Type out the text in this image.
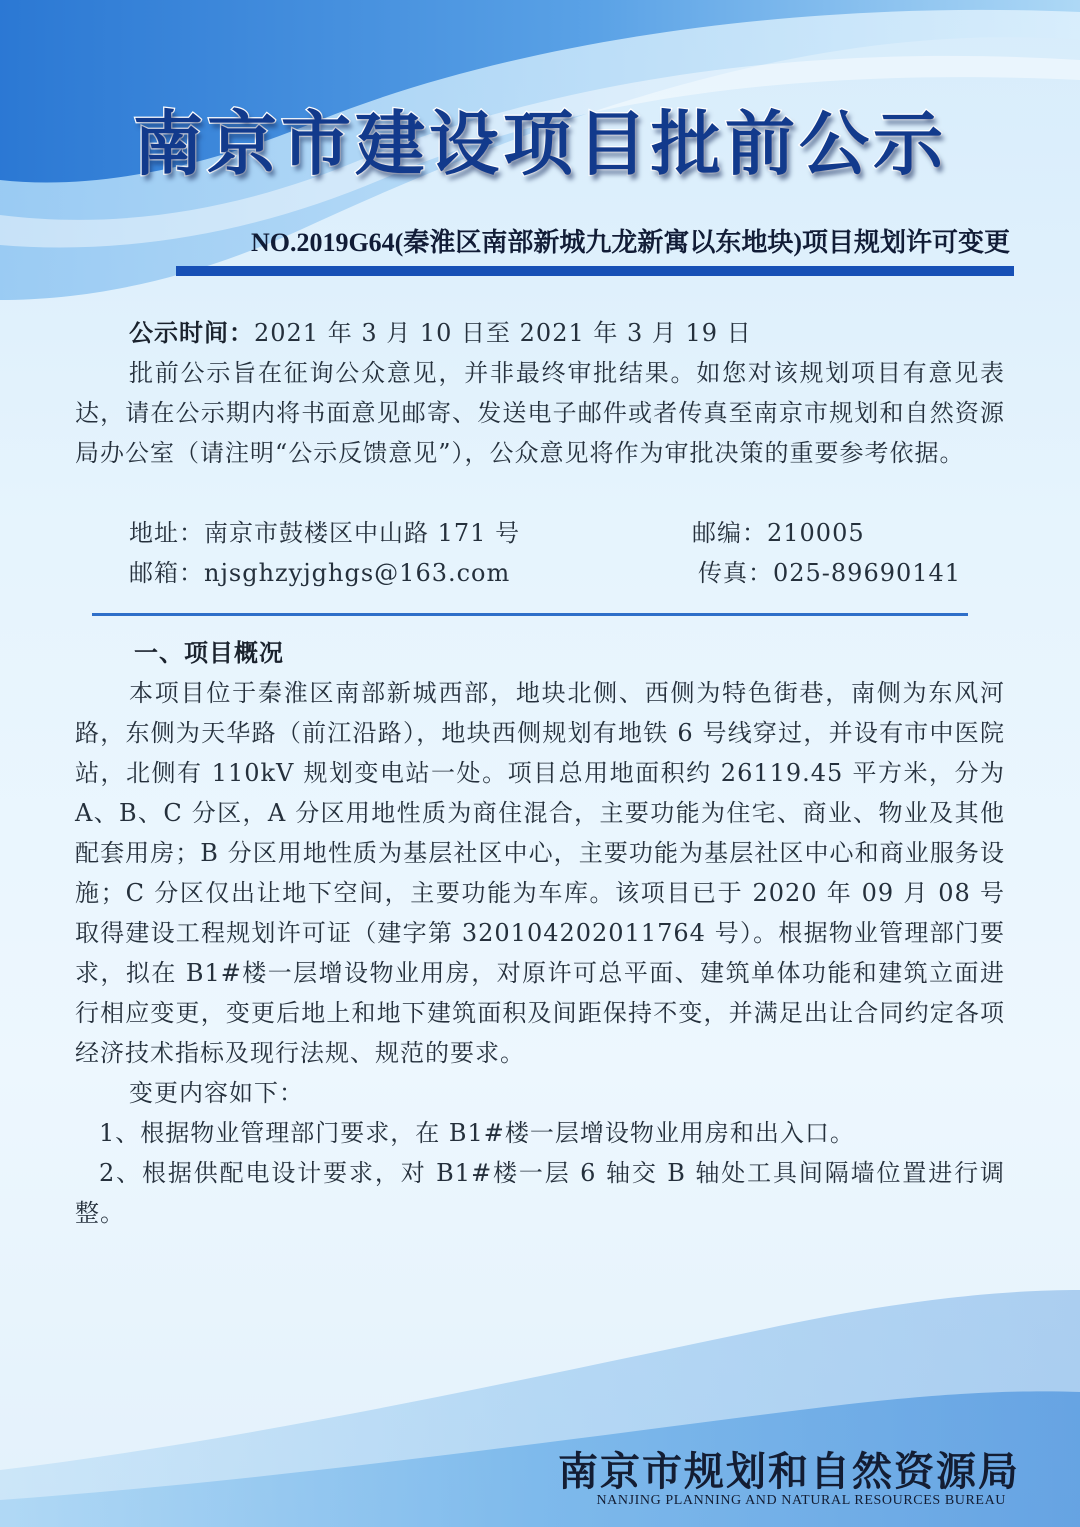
南京市建设项目批前公示
NO.2019G64(秦淮区南部新城九龙新寓以东地块)项目规划许可变更
公示时间：2021 年 3 月 10 日至 2021 年 3 月 19 日
批前公示旨在征询公众意见，并非最终审批结果。如您对该规划项目有意见表达，请在公示期内将书面意见邮寄、发送电子邮件或者传真至南京市规划和自然资源局办公室（请注明“公示反馈意见”），公众意见将作为审批决策的重要参考依据。
地址：南京市鼓楼区中山路 171 号	邮编：210005
邮箱：njsghzyjghgs@163.com	传真：025-89690141
一、项目概况
本项目位于秦淮区南部新城西部，地块北侧、西侧为特色街巷，南侧为东风河路，东侧为天华路（前江沿路），地块西侧规划有地铁 6 号线穿过，并设有市中医院站，北侧有 110kV 规划变电站一处。项目总用地面积约 26119.45 平方米，分为 A、B、C 分区，A 分区用地性质为商住混合，主要功能为住宅、商业、物业及其他配套用房；B 分区用地性质为基层社区中心，主要功能为基层社区中心和商业服务设施；C 分区仅出让地下空间，主要功能为车库。该项目已于 2020 年 09 月 08 号取得建设工程规划许可证（建字第 320104202011764 号）。根据物业管理部门要求，拟在 B1#楼一层增设物业用房，对原许可总平面、建筑单体功能和建筑立面进行相应变更，变更后地上和地下建筑面积及间距保持不变，并满足出让合同约定各项经济技术指标及现行法规、规范的要求。
变更内容如下：
1、根据物业管理部门要求，在 B1#楼一层增设物业用房和出入口。
2、根据供配电设计要求，对 B1#楼一层 6 轴交 B 轴处工具间隔墙位置进行调整。
南京市规划和自然资源局
NANJING PLANNING AND NATURAL RESOURCES BUREAU
